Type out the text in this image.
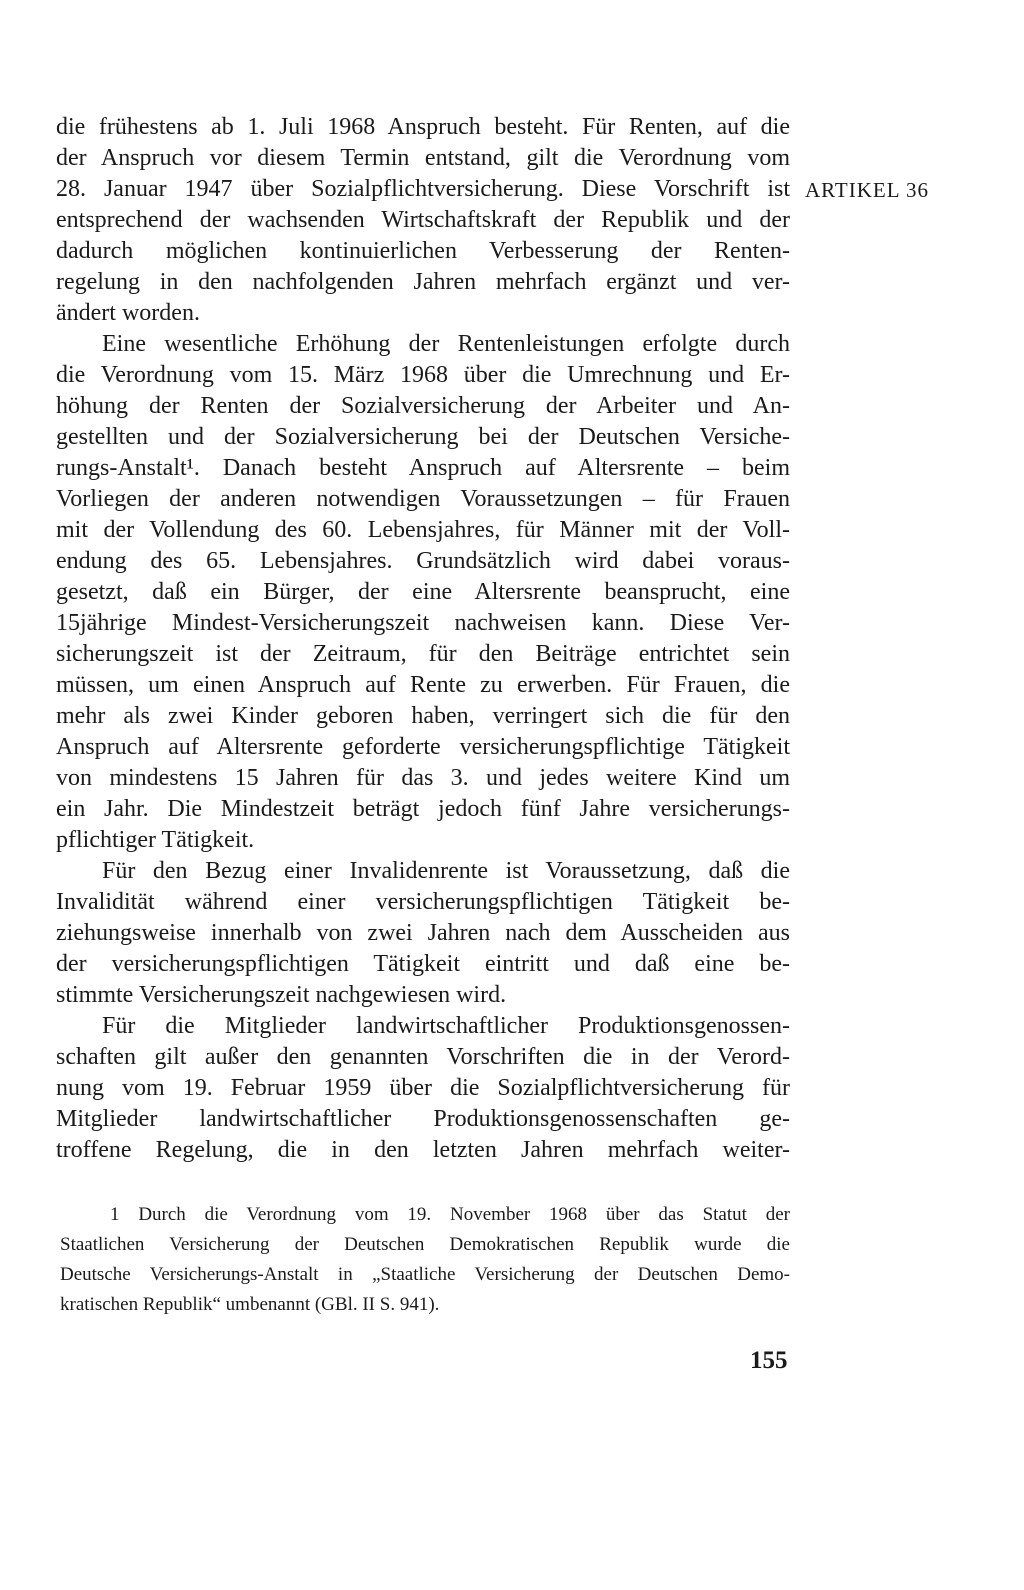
die frühestens ab 1. Juli 1968 Anspruch besteht. Für Renten, auf die
der Anspruch vor diesem Termin entstand, gilt die Verordnung vom
28. Januar 1947 über Sozialpflichtversicherung. Diese Vorschrift ist
entsprechend der wachsenden Wirtschaftskraft der Republik und der
dadurch möglichen kontinuierlichen Verbesserung der Renten-
regelung in den nachfolgenden Jahren mehrfach ergänzt und ver-
ändert worden.
Eine wesentliche Erhöhung der Rentenleistungen erfolgte durch
die Verordnung vom 15. März 1968 über die Umrechnung und Er-
höhung der Renten der Sozialversicherung der Arbeiter und An-
gestellten und der Sozialversicherung bei der Deutschen Versiche-
rungs-Anstalt¹. Danach besteht Anspruch auf Altersrente – beim
Vorliegen der anderen notwendigen Voraussetzungen – für Frauen
mit der Vollendung des 60. Lebensjahres, für Männer mit der Voll-
endung des 65. Lebensjahres. Grundsätzlich wird dabei voraus-
gesetzt, daß ein Bürger, der eine Altersrente beansprucht, eine
15jährige Mindest-Versicherungszeit nachweisen kann. Diese Ver-
sicherungszeit ist der Zeitraum, für den Beiträge entrichtet sein
müssen, um einen Anspruch auf Rente zu erwerben. Für Frauen, die
mehr als zwei Kinder geboren haben, verringert sich die für den
Anspruch auf Altersrente geforderte versicherungspflichtige Tätigkeit
von mindestens 15 Jahren für das 3. und jedes weitere Kind um
ein Jahr. Die Mindestzeit beträgt jedoch fünf Jahre versicherungs-
pflichtiger Tätigkeit.
Für den Bezug einer Invalidenrente ist Voraussetzung, daß die
Invalidität während einer versicherungspflichtigen Tätigkeit be-
ziehungsweise innerhalb von zwei Jahren nach dem Ausscheiden aus
der versicherungspflichtigen Tätigkeit eintritt und daß eine be-
stimmte Versicherungszeit nachgewiesen wird.
Für die Mitglieder landwirtschaftlicher Produktionsgenossen-
schaften gilt außer den genannten Vorschriften die in der Verord-
nung vom 19. Februar 1959 über die Sozialpflichtversicherung für
Mitglieder landwirtschaftlicher Produktionsgenossenschaften ge-
troffene Regelung, die in den letzten Jahren mehrfach weiter-
ARTIKEL 36
1 Durch die Verordnung vom 19. November 1968 über das Statut der
Staatlichen Versicherung der Deutschen Demokratischen Republik wurde die
Deutsche Versicherungs-Anstalt in „Staatliche Versicherung der Deutschen Demo-
kratischen Republik“ umbenannt (GBl. II S. 941).
155
